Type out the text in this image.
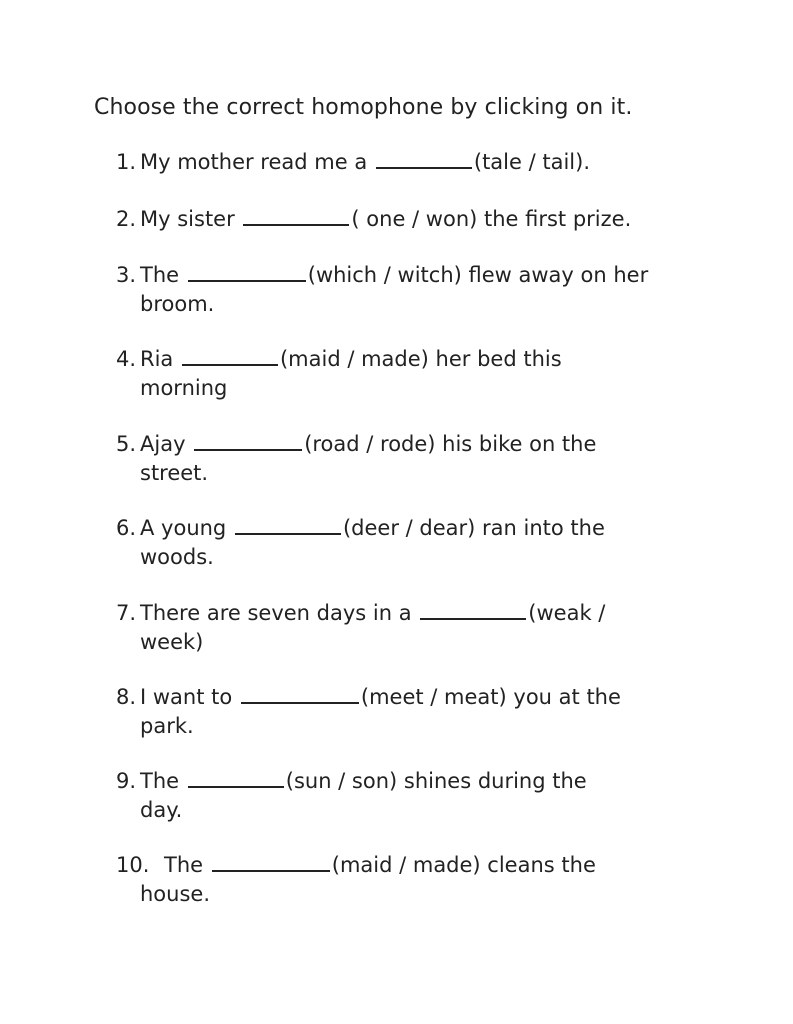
Choose the correct homophone by clicking on it.
1. My mother read me a	(tale / tail).
2. My sister	( one / won) the first prize.
3. The	(which / witch) flew away on her
broom.
4. Ria	(maid / made) her bed this
morning
5. Ajay	(road / rode) his bike on the
street.
6. A young	(deer / dear) ran into the
woods.
7. There are seven days in a	(weak /
week)
8. I want to	(meet / meat) you at the
park.
9. The	(sun / son) shines during the
day.
10. The	(maid / made) cleans the
house.
